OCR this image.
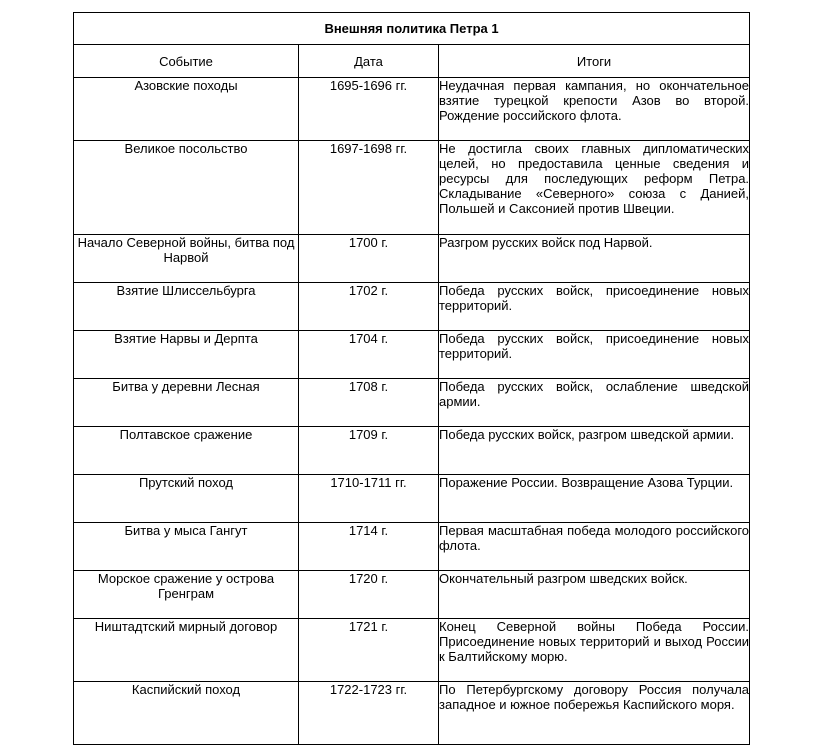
Внешняя политика Петра 1		
Событие	Дата	Итоги
Азовские походы	1695-1696 гг.	Неудачная первая кампания, но окончательное взятие турецкой крепости Азов во второй. Рождение российского флота.
Великое посольство	1697-1698 гг.	Не достигла своих главных дипломатических целей, но предоставила ценные сведения и ресурсы для последующих реформ Петра. Складывание «Северного» союза с Данией, Польшей и Саксонией против Швеции.
Начало Северной войны, битва под Нарвой	1700 г.	Разгром русских войск под Нарвой.
Взятие Шлиссельбурга	1702 г.	Победа русских войск, присоединение новых территорий.
Взятие Нарвы и Дерпта	1704 г.	Победа русских войск, присоединение новых территорий.
Битва у деревни Лесная	1708 г.	Победа русских войск, ослабление шведской армии.
Полтавское сражение	1709 г.	Победа русских войск, разгром шведской армии.
Прутский поход	1710-1711 гг.	Поражение России. Возвращение Азова Турции.
Битва у мыса Гангут	1714 г.	Первая масштабная победа молодого российского флота.
Морское сражение у острова Гренграм	1720 г.	Окончательный разгром шведских войск.
Ништадтский мирный договор	1721 г.	Конец Северной войны Победа России. Присоединение новых территорий и выход России к Балтийскому морю.
Каспийский поход	1722-1723 гг.	По Петербургскому договору Россия получала западное и южное побережья Каспийского моря.
